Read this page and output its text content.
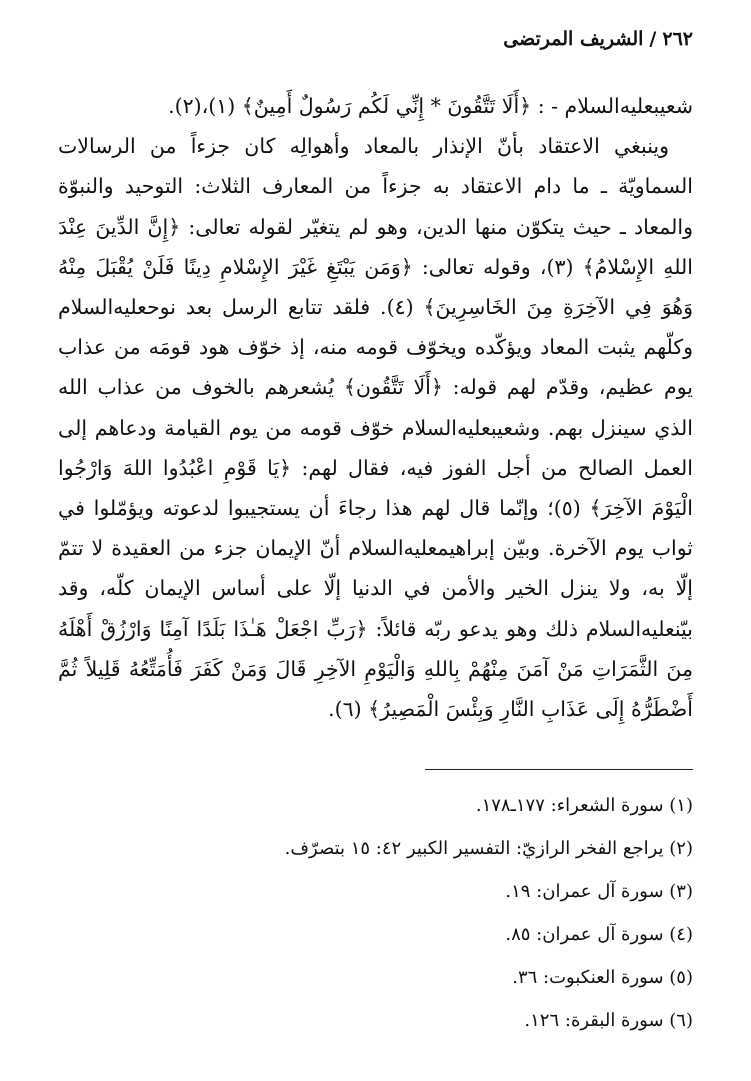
٢٦٢
/
الشريف المرتضى

شعيبعليه‌السلام - : ﴿أَلَا تَتَّقُونَ * إِنِّي لَكُم رَسُولٌ أَمِينٌ﴾ (١)،(٢).

وينبغي الاعتقاد بأنّ الإنذار بالمعاد وأهوالِه كان جزءاً من الرسالات السماويّة ـ ما دام الاعتقاد به جزءاً من المعارف الثلاث: التوحيد والنبوّة والمعاد ـ حيث يتكوّن منها الدين، وهو لم يتغيّر لقوله تعالى: ﴿إِنَّ الدِّينَ عِنْدَ اللهِ الإِسْلامُ﴾ (٣)، وقوله تعالى: ﴿وَمَن يَبْتَغِ غَيْرَ الإِسْلامِ دِينًا فَلَنْ يُقْبَلَ مِنْهُ وَهُوَ فِي الآخِرَةِ مِنَ الخَاسِرِينَ﴾ (٤). فلقد تتابع الرسل بعد نوحعليه‌السلام وكلّهم يثبت المعاد ويؤكّده ويخوّف قومه منه، إذ خوّف هود قومَه من عذاب يوم عظيم، وقدّم لهم قوله: ﴿أَلَا تَتَّقُون﴾ يُشعرهم بالخوف من عذاب الله الذي سينزل بهم. وشعيبعليه‌السلام خوّف قومه من يوم القيامة ودعاهم إلى العمل الصالح من أجل الفوز فيه، فقال لهم: ﴿يَا قَوْمِ اعْبُدُوا اللهَ وَارْجُوا الْيَوْمَ الآخِرَ﴾ (٥)؛ وإنّما قال لهم هذا رجاءَ أن يستجيبوا لدعوته ويؤمّلوا في ثواب يوم الآخرة. وبيّن إبراهيمعليه‌السلام أنّ الإيمان جزء من العقيدة لا تتمّ إلّا به، ولا ينزل الخير والأمن في الدنيا إلّا على أساس الإيمان كلّه، وقد بيّنعليه‌السلام ذلك وهو يدعو ربّه قائلاً: ﴿رَبِّ اجْعَلْ هَـٰذَا بَلَدًا آمِنًا وَارْزُقْ أَهْلَهُ مِنَ الثَّمَرَاتِ مَنْ آمَنَ مِنْهُمْ بِاللهِ وَالْيَوْمِ الآخِرِ قَالَ وَمَنْ كَفَرَ فَأُمَتِّعُهُ قَلِيلاً ثُمَّ أَضْطَرُّهُ إِلَى عَذَابِ النَّارِ وَبِئْسَ الْمَصِيرُ﴾ (٦).

(١) سورة الشعراء: ١٧٧ـ١٧٨.
(٢) يراجع الفخر الرازيّ: التفسير الكبير ٤٢: ١٥ بتصرّف.
(٣) سورة آل عمران: ١٩.
(٤) سورة آل عمران: ٨٥.
(٥) سورة العنكبوت: ٣٦.
(٦) سورة البقرة: ١٢٦.
